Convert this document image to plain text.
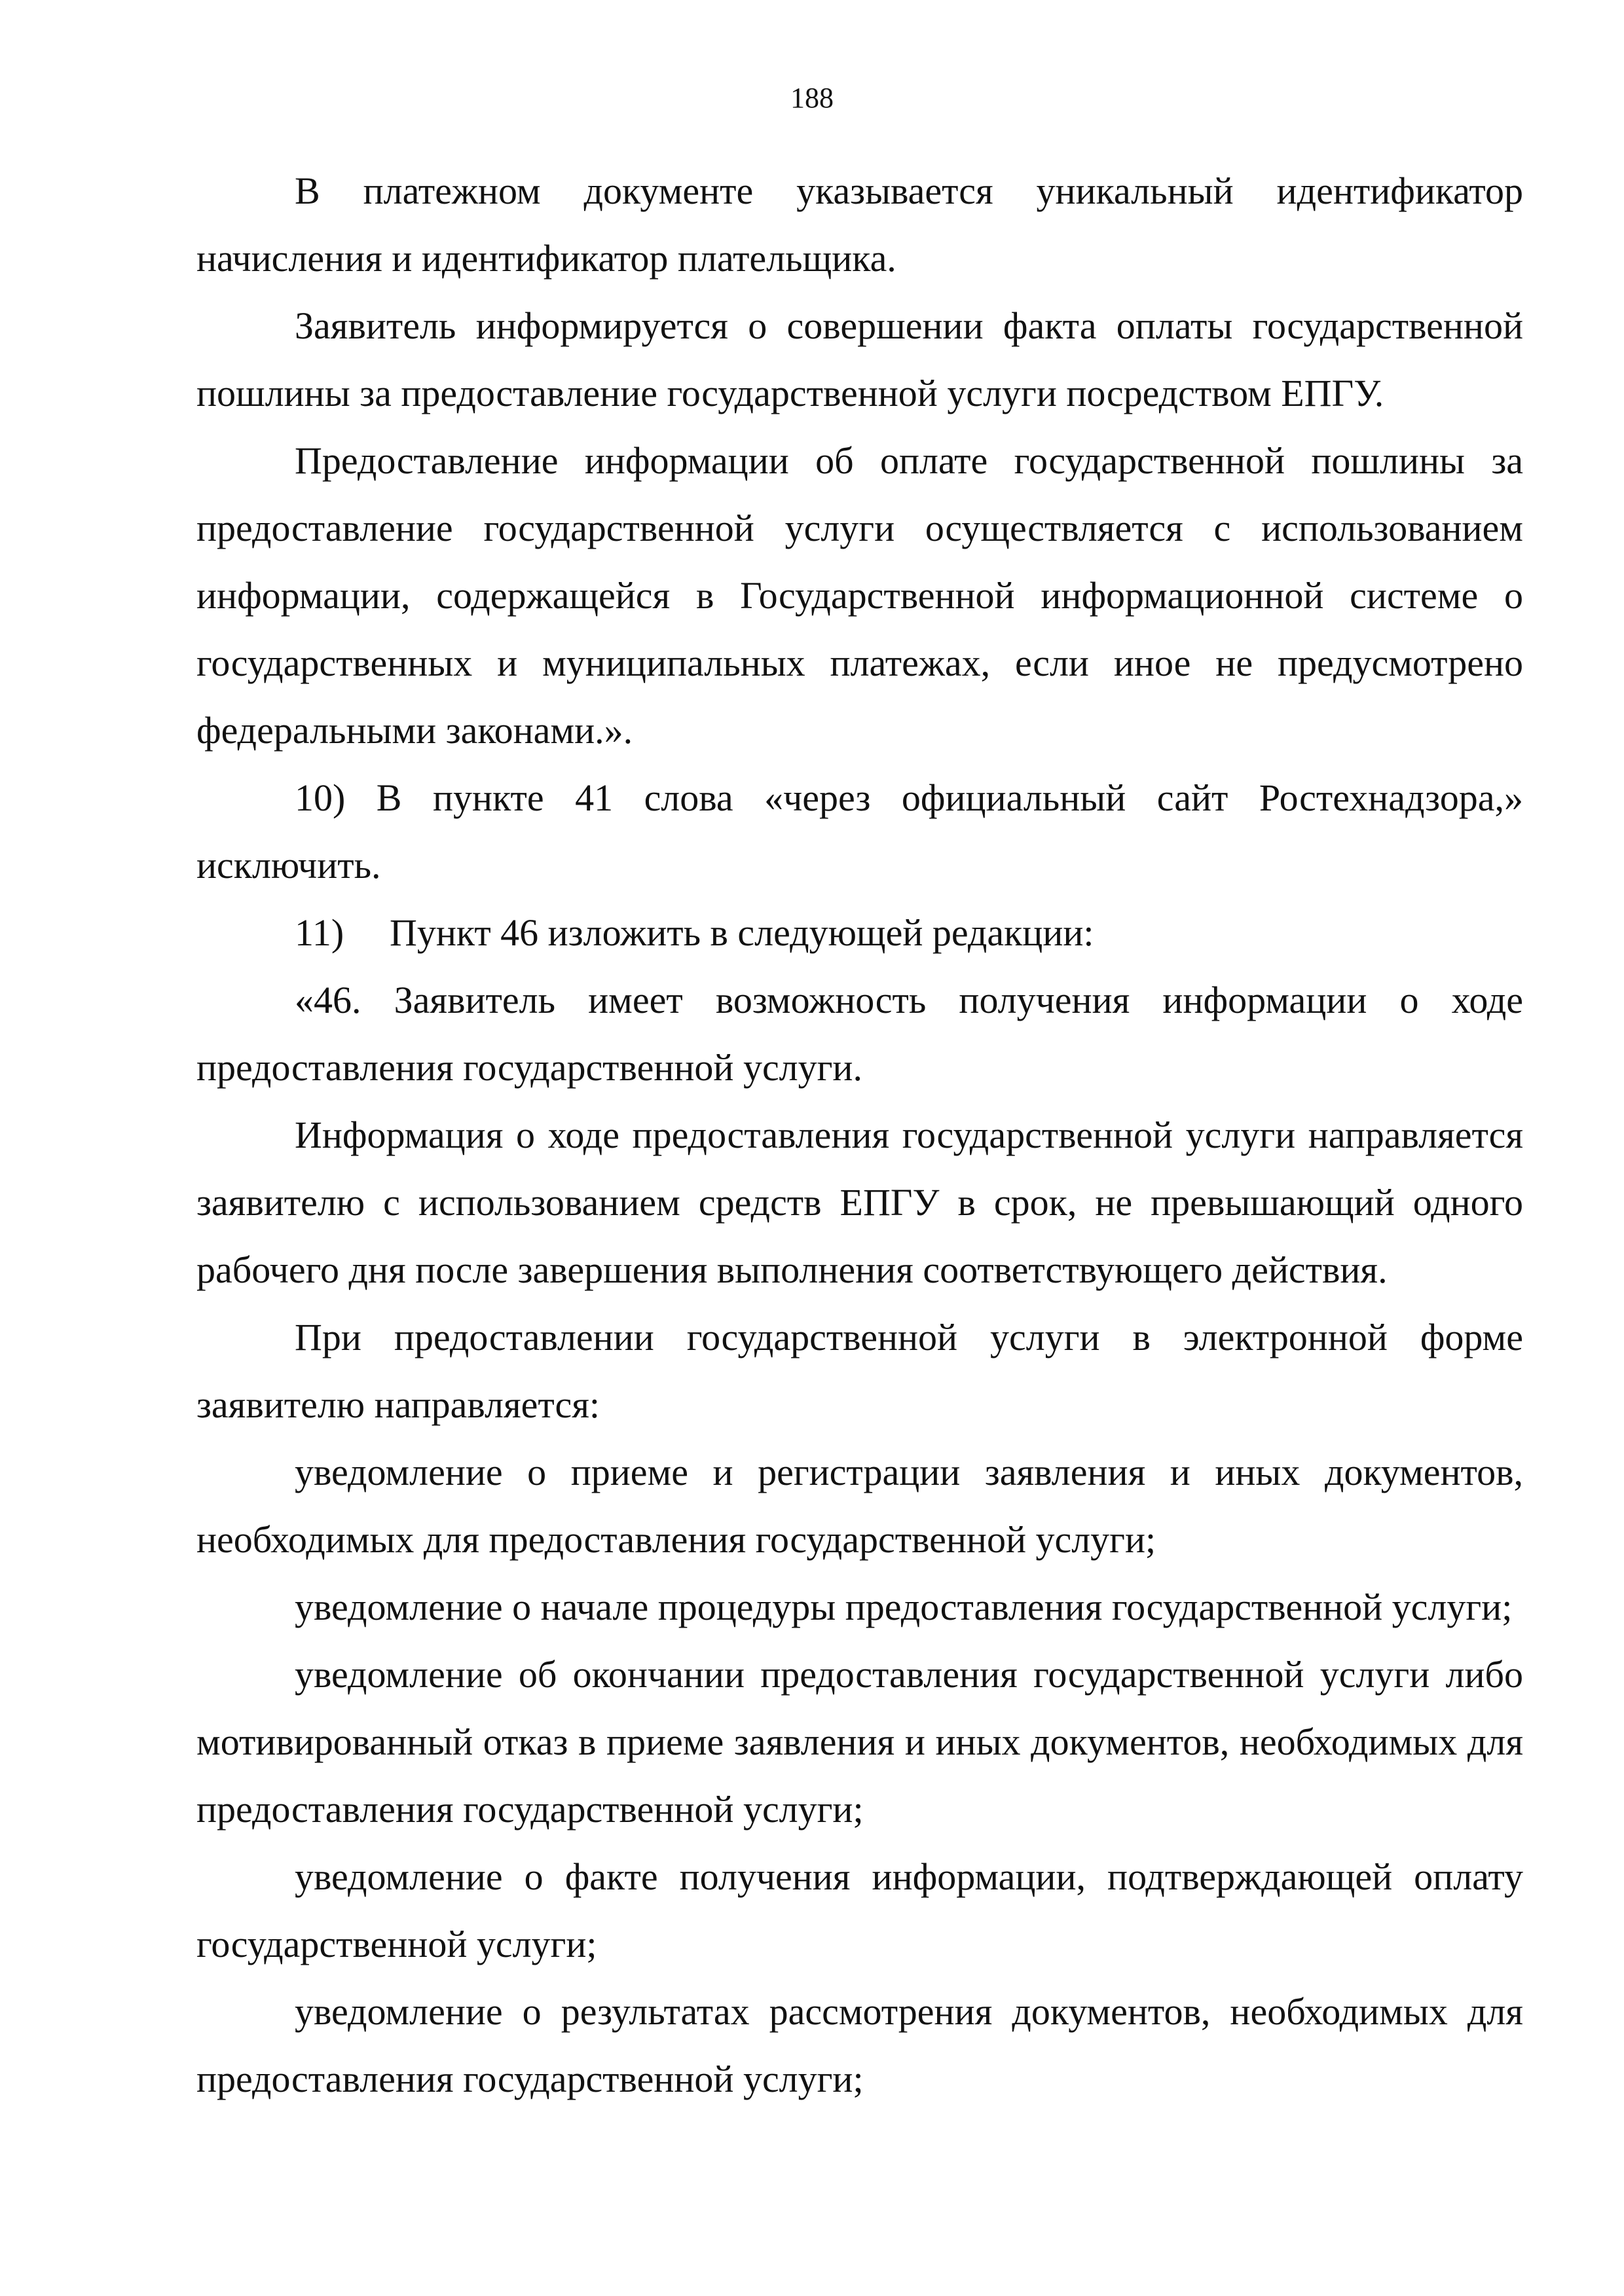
188

В платежном документе указывается уникальный идентификатор начисления и идентификатор плательщика.

Заявитель информируется о совершении факта оплаты государственной пошлины за предоставление государственной услуги посредством ЕПГУ.

Предоставление информации об оплате государственной пошлины за предоставление государственной услуги осуществляется с использованием информации, содержащейся в Государственной информационной системе о государственных и муниципальных платежах, если иное не предусмотрено федеральными законами.».

10) В пункте 41 слова «через официальный сайт Ростехнадзора,» исключить.

11)	Пункт 46 изложить в следующей редакции:

«46. Заявитель имеет возможность получения информации о ходе предоставления государственной услуги.

Информация о ходе предоставления государственной услуги направляется заявителю с использованием средств ЕПГУ в срок, не превышающий одного рабочего дня после завершения выполнения соответствующего действия.

При предоставлении государственной услуги в электронной форме заявителю направляется:

уведомление о приеме и регистрации заявления и иных документов, необходимых для предоставления государственной услуги;

уведомление о начале процедуры предоставления государственной услуги;

уведомление об окончании предоставления государственной услуги либо мотивированный отказ в приеме заявления и иных документов, необходимых для предоставления государственной услуги;

уведомление о факте получения информации, подтверждающей оплату государственной услуги;

уведомление о результатах рассмотрения документов, необходимых для предоставления государственной услуги;
